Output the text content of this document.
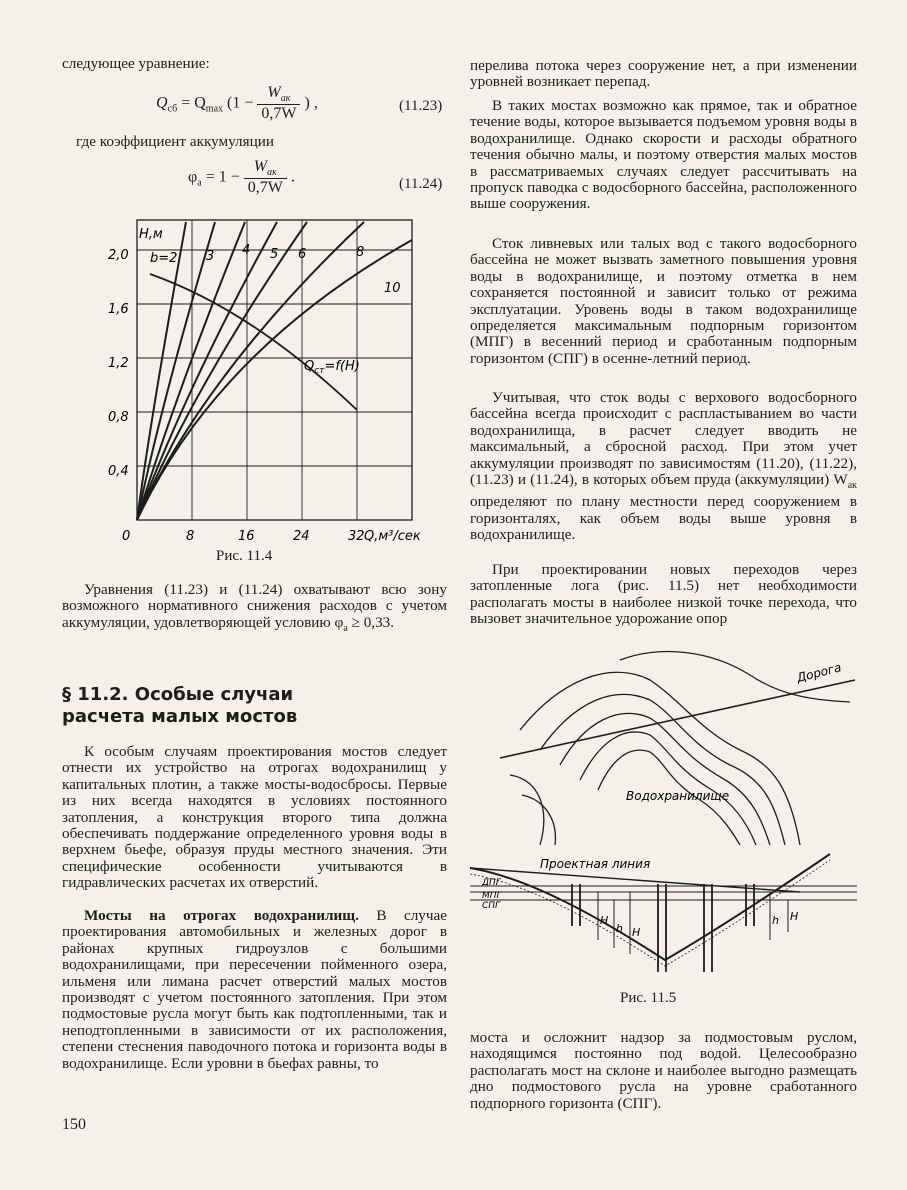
следующее уравнение:

$Q_{сб} = Q_{max}$ ($1 - \frac{W_{ак}}{0,7W}$ ) ,	(11.23)

где коэффициент аккумуляции

$\varphi_а = 1 - \frac{W_{ак}}{0,7W}$ .	(11.24)
H,м
0,4
0,8
1,2
1,6
2,0
0	8	16	24	32 Q,м³/сек
b=2 3 4 5 6	8
10
$Q_{ст}=f(H)$
Рис. 11.4

Уравнения (11.23) и (11.24) охватывают всю зону возможного нормативного снижения расходов с учетом аккумуляции, удовлетворяющей условию $\varphi_а \ge 0,33$.

§ 11.2. Особые случаи
расчета малых мостов

К особым случаям проектирования мостов следует отнести их устройство на отрогах водохранилищ у капитальных плотин, а также мосты-водосбросы. Первые из них всегда находятся в условиях постоянного затопления, а конструкция второго типа должна обеспечивать поддержание определенного уровня воды в верхнем бьефе, образуя пруды местного значения. Эти специфические особенности учитываются в гидравлических расчетах их отверстий.

Мосты на отрогах водохранилищ. В случае проектирования автомобильных и железных дорог в районах крупных гидроузлов с большими водохранилищами, при пересечении пойменного озера, ильменя или лимана расчет отверстий малых мостов производят с учетом постоянного затопления. При этом подмостовые русла могут быть как подтопленными, так и неподтопленными в зависимости от их расположения, степени стеснения паводочного потока и горизонта воды в водохранилище. Если уровни в бьефах равны, то

150

перелива потока через сооружение нет, а при изменении уровней возникает перепад.

В таких мостах возможно как прямое, так и обратное течение воды, которое вызывается подъемом уровня воды в водохранилище. Однако скорости и расходы обратного течения обычно малы, и поэтому отверстия малых мостов в рассматриваемых случаях следует рассчитывать на пропуск паводка с водосборного бассейна, расположенного выше сооружения.

Сток ливневых или талых вод с такого водосборного бассейна не может вызвать заметного повышения уровня воды в водохранилище, и поэтому отметка в нем сохраняется постоянной и зависит только от режима эксплуатации. Уровень воды в таком водохранилище определяется максимальным подпорным горизонтом (МПГ) в весенний период и сработанным подпорным горизонтом (СПГ) в осенне-летний период.

Учитывая, что сток воды с верхового водосборного бассейна всегда происходит с распластыванием во части водохранилища, в расчет следует вводить не максимальный, а сбросной расход. При этом учет аккумуляции производят по зависимостям (11.20), (11.22), (11.23) и (11.24), в которых объем пруда (аккумуляции) $W_{ак}$ определяют по плану местности перед сооружением в горизонталях, как объем воды выше уровня в водохранилище.

При проектировании новых переходов через затопленные лога (рис. 11.5) нет необходимости располагать мосты в наиболее низкой точке перехода, что вызовет значительное удорожание опор

Дорога
Водохранилище
Проектная линия
ДПГ
МПГ
СПГ
H
h H
h H
Рис. 11.5

моста и осложнит надзор за подмостовым руслом, находящимся постоянно под водой. Целесообразно располагать мост на склоне и наиболее выгодно размещать дно подмостового русла на уровне сработанного подпорного горизонта (СПГ).
